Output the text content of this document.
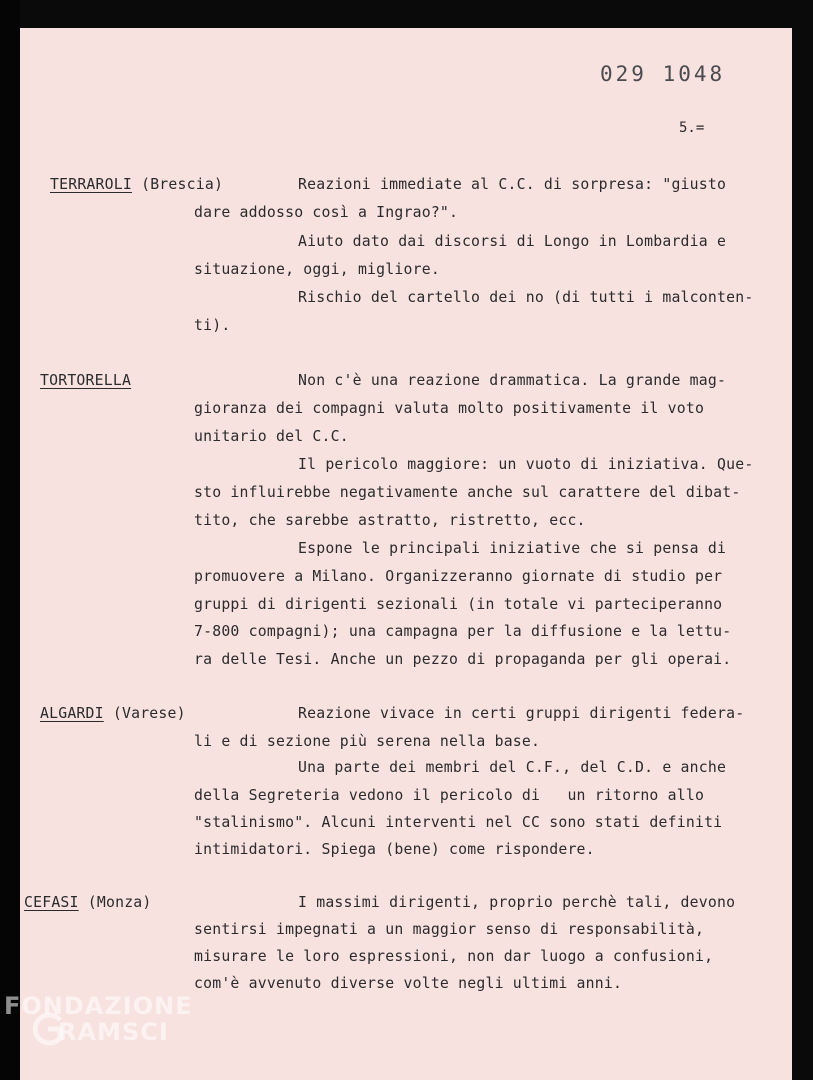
029 1048
5.=
TERRAROLI (Brescia)	Reazioni immediate al C.C. di sorpresa: "giusto
dare addosso così a Ingrao?".
Aiuto dato dai discorsi di Longo in Lombardia e
situazione, oggi, migliore.
Rischio del cartello dei no (di tutti i malconten-
ti).
TORTORELLA	Non c'è una reazione drammatica. La grande mag-
gioranza dei compagni valuta molto positivamente il voto
unitario del C.C.
Il pericolo maggiore: un vuoto di iniziativa. Que-
sto influirebbe negativamente anche sul carattere del dibat-
tito, che sarebbe astratto, ristretto, ecc.
Espone le principali iniziative che si pensa di
promuovere a Milano. Organizzeranno giornate di studio per
gruppi di dirigenti sezionali (in totale vi parteciperanno
7-800 compagni); una campagna per la diffusione e la lettu-
ra delle Tesi. Anche un pezzo di propaganda per gli operai.
ALGARDI (Varese)	Reazione vivace in certi gruppi dirigenti federa-
li e di sezione più serena nella base.
Una parte dei membri del C.F., del C.D. e anche
della Segreteria vedono il pericolo di   un ritorno allo
"stalinismo". Alcuni interventi nel CC sono stati definiti
intimidatori. Spiega (bene) come rispondere.
CEFASI (Monza)	I massimi dirigenti, proprio perchè tali, devono
sentirsi impegnati a un maggior senso di responsabilità,
misurare le loro espressioni, non dar luogo a confusioni,
com'è avvenuto diverse volte negli ultimi anni.
FONDAZIONE
RAMSCI
